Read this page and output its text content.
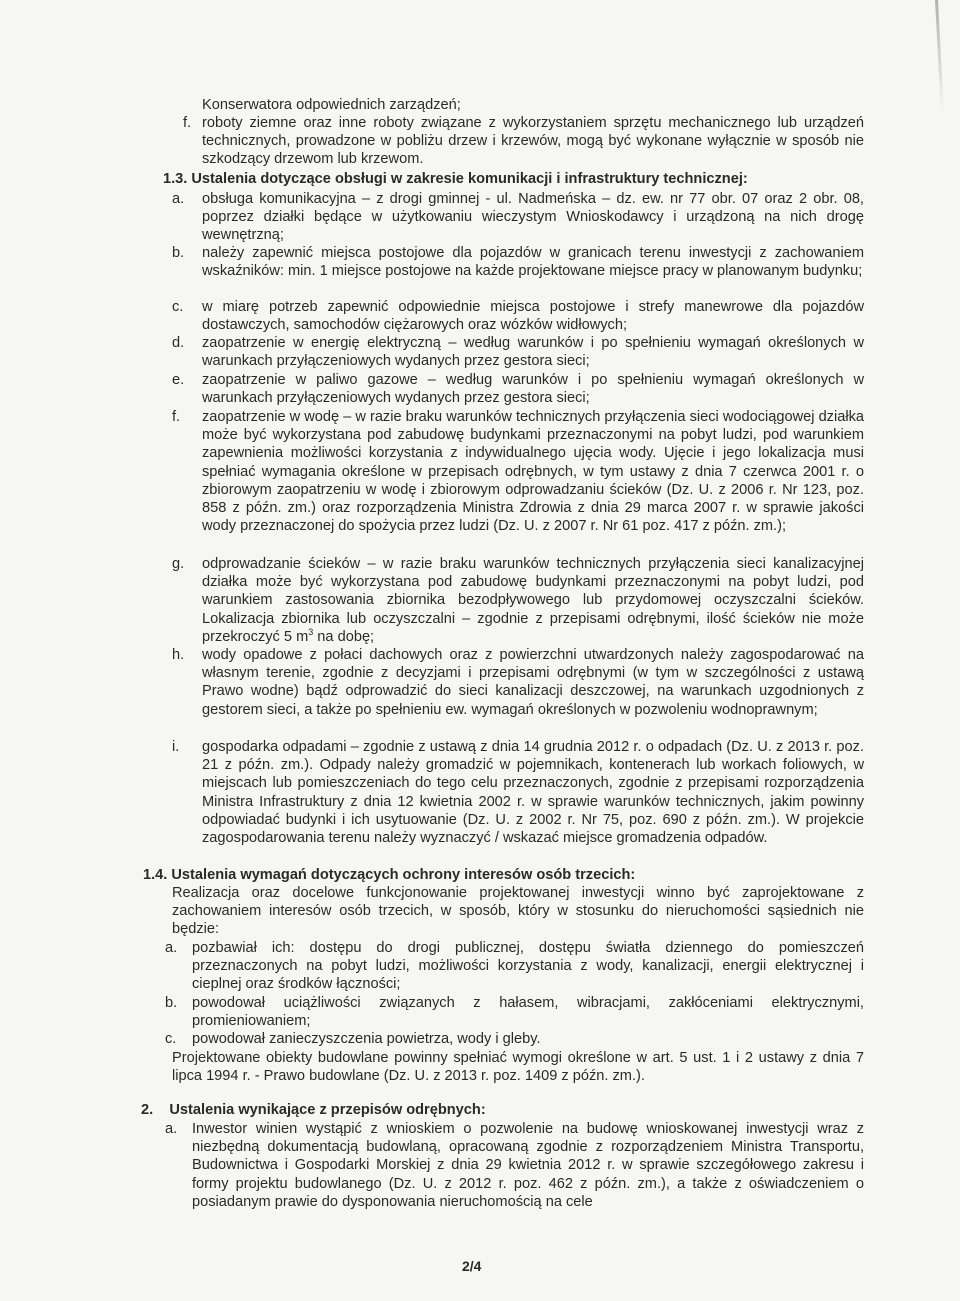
Konserwatora odpowiednich zarządzeń;
f. roboty ziemne oraz inne roboty związane z wykorzystaniem sprzętu mechanicznego lub urządzeń technicznych, prowadzone w pobliżu drzew i krzewów, mogą być wykonane wyłącznie w sposób nie szkodzący drzewom lub krzewom.
1.3. Ustalenia dotyczące obsługi w zakresie komunikacji i infrastruktury technicznej:
a. obsługa komunikacyjna – z drogi gminnej - ul. Nadmeńska – dz. ew. nr 77 obr. 07 oraz 2 obr. 08, poprzez działki będące w użytkowaniu wieczystym Wnioskodawcy i urządzoną na nich drogę wewnętrzną;
b. należy zapewnić miejsca postojowe dla pojazdów w granicach terenu inwestycji z zachowaniem wskaźników: min. 1 miejsce postojowe na każde projektowane miejsce pracy w planowanym budynku;
c. w miarę potrzeb zapewnić odpowiednie miejsca postojowe i strefy manewrowe dla pojazdów dostawczych, samochodów ciężarowych oraz wózków widłowych;
d. zaopatrzenie w energię elektryczną – według warunków i po spełnieniu wymagań określonych w warunkach przyłączeniowych wydanych przez gestora sieci;
e. zaopatrzenie w paliwo gazowe – według warunków i po spełnieniu wymagań określonych w warunkach przyłączeniowych wydanych przez gestora sieci;
f. zaopatrzenie w wodę – w razie braku warunków technicznych przyłączenia sieci wodociągowej działka może być wykorzystana pod zabudowę budynkami przeznaczonymi na pobyt ludzi, pod warunkiem zapewnienia możliwości korzystania z indywidualnego ujęcia wody. Ujęcie i jego lokalizacja musi spełniać wymagania określone w przepisach odrębnych, w tym ustawy z dnia 7 czerwca 2001 r. o zbiorowym zaopatrzeniu w wodę i zbiorowym odprowadzaniu ścieków (Dz. U. z 2006 r. Nr 123, poz. 858 z późn. zm.) oraz rozporządzenia Ministra Zdrowia z dnia 29 marca 2007 r. w sprawie jakości wody przeznaczonej do spożycia przez ludzi (Dz. U. z 2007 r. Nr 61 poz. 417 z późn. zm.);
g. odprowadzanie ścieków – w razie braku warunków technicznych przyłączenia sieci kanalizacyjnej działka może być wykorzystana pod zabudowę budynkami przeznaczonymi na pobyt ludzi, pod warunkiem zastosowania zbiornika bezodpływowego lub przydomowej oczyszczalni ścieków. Lokalizacja zbiornika lub oczyszczalni – zgodnie z przepisami odrębnymi, ilość ścieków nie może przekroczyć 5 $m^3$ na dobę;
h. wody opadowe z połaci dachowych oraz z powierzchni utwardzonych należy zagospodarować na własnym terenie, zgodnie z decyzjami i przepisami odrębnymi (w tym w szczególności z ustawą Prawo wodne) bądź odprowadzić do sieci kanalizacji deszczowej, na warunkach uzgodnionych z gestorem sieci, a także po spełnieniu ew. wymagań określonych w pozwoleniu wodnoprawnym;
i. gospodarka odpadami – zgodnie z ustawą z dnia 14 grudnia 2012 r. o odpadach (Dz. U. z 2013 r. poz. 21 z późn. zm.). Odpady należy gromadzić w pojemnikach, kontenerach lub workach foliowych, w miejscach lub pomieszczeniach do tego celu przeznaczonych, zgodnie z przepisami rozporządzenia Ministra Infrastruktury z dnia 12 kwietnia 2002 r. w sprawie warunków technicznych, jakim powinny odpowiadać budynki i ich usytuowanie (Dz. U. z 2002 r. Nr 75, poz. 690 z późn. zm.). W projekcie zagospodarowania terenu należy wyznaczyć / wskazać miejsce gromadzenia odpadów.
1.4. Ustalenia wymagań dotyczących ochrony interesów osób trzecich:
Realizacja oraz docelowe funkcjonowanie projektowanej inwestycji winno być zaprojektowane z zachowaniem interesów osób trzecich, w sposób, który w stosunku do nieruchomości sąsiednich nie będzie:
a. pozbawiał ich: dostępu do drogi publicznej, dostępu światła dziennego do pomieszczeń przeznaczonych na pobyt ludzi, możliwości korzystania z wody, kanalizacji, energii elektrycznej i cieplnej oraz środków łączności;
b. powodował uciążliwości związanych z hałasem, wibracjami, zakłóceniami elektrycznymi, promieniowaniem;
c. powodował zanieczyszczenia powietrza, wody i gleby.
Projektowane obiekty budowlane powinny spełniać wymogi określone w art. 5 ust. 1 i 2 ustawy z dnia 7 lipca 1994 r. - Prawo budowlane (Dz. U. z 2013 r. poz. 1409 z późn. zm.).
2.    Ustalenia wynikające z przepisów odrębnych:
a. Inwestor winien wystąpić z wnioskiem o pozwolenie na budowę wnioskowanej inwestycji wraz z niezbędną dokumentacją budowlaną, opracowaną zgodnie z rozporządzeniem Ministra Transportu, Budownictwa i Gospodarki Morskiej z dnia 29 kwietnia 2012 r. w sprawie szczegółowego zakresu i formy projektu budowlanego (Dz. U. z 2012 r. poz. 462 z późn. zm.), a także z oświadczeniem o posiadanym prawie do dysponowania nieruchomością na cele
2/4
